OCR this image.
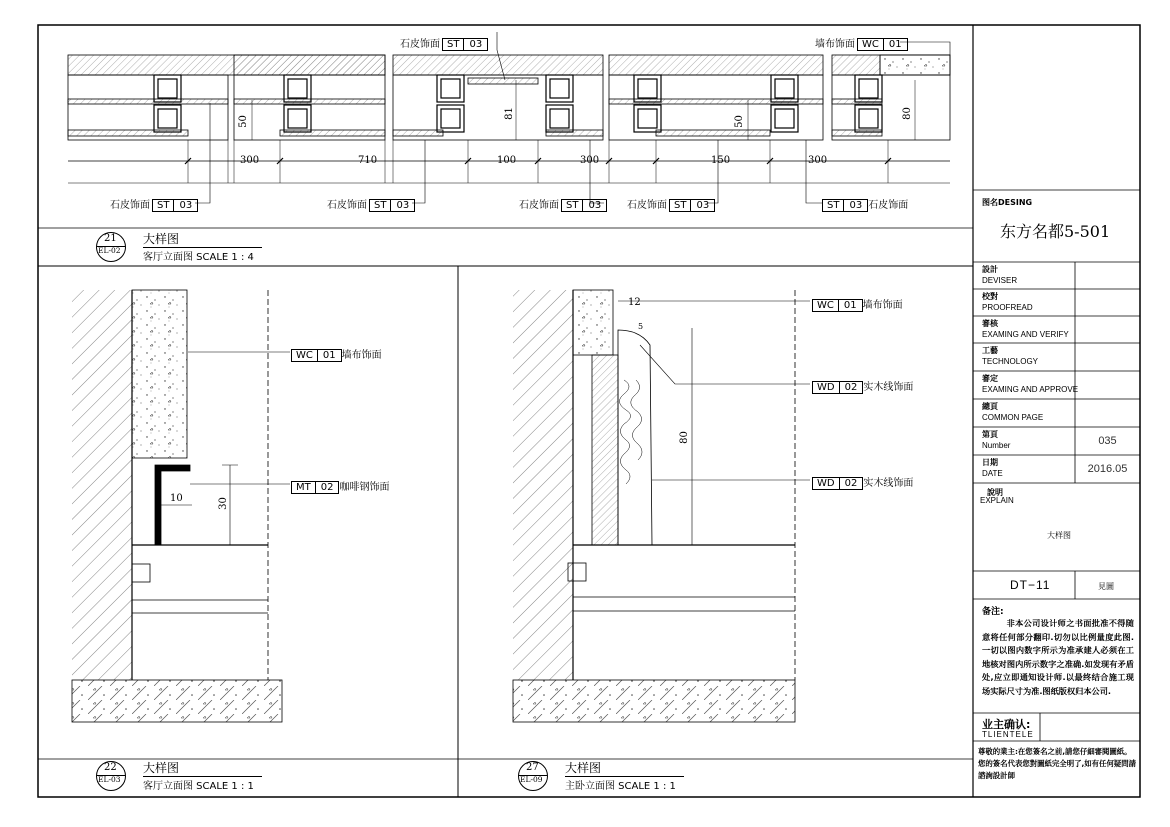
石皮饰面 ST 03
墙布饰面 WC 01
石皮饰面 ST 03
石皮饰面 ST 03	石皮饰面 ST 03	石皮饰面 ST 03	ST 03 石皮饰面
300	710	100	300	150	300
50
81
50
80
WC 01 墙布饰面
MT 02 咖啡钢饰面
10	30
WC 01 墙布饰面
WD 02 实木线饰面
WD 02 实木线饰面
12
5
80
21
EL-02
大样图
客厅立面图 SCALE 1 : 4
22
EL-03
大样图
客厅立面图 SCALE 1 : 1
27
EL-09
大样图
主卧立面图 SCALE 1 : 1
图名DESING
东方名都5-501
設計
DEVISER
校對
PROOFREAD
審核
EXAMING AND VERIFY
工藝
TECHNOLOGY
審定
EXAMING AND APPROVE
總頁
COMMON PAGE
第頁
Number	035
日期
DATE	2016.05
說明
EXPLAIN
大样图
DT−11	見圖
备注:
非本公司设计师之书面批准不得随意将任何部分翻印.切勿以比例量度此图.一切以图内数字所示为准承建人必须在工地核对图内所示数字之准确.如发现有矛盾处,应立即通知设计师.以最终结合施工现场实际尺寸为准.图纸版权归本公司.
业主确认:
TLIENTELE
尊敬的業主:在您簽名之前,請您仔細審閱圖紙。您的簽名代表您對圖紙完全明了,如有任何疑問請諮詢設計師
